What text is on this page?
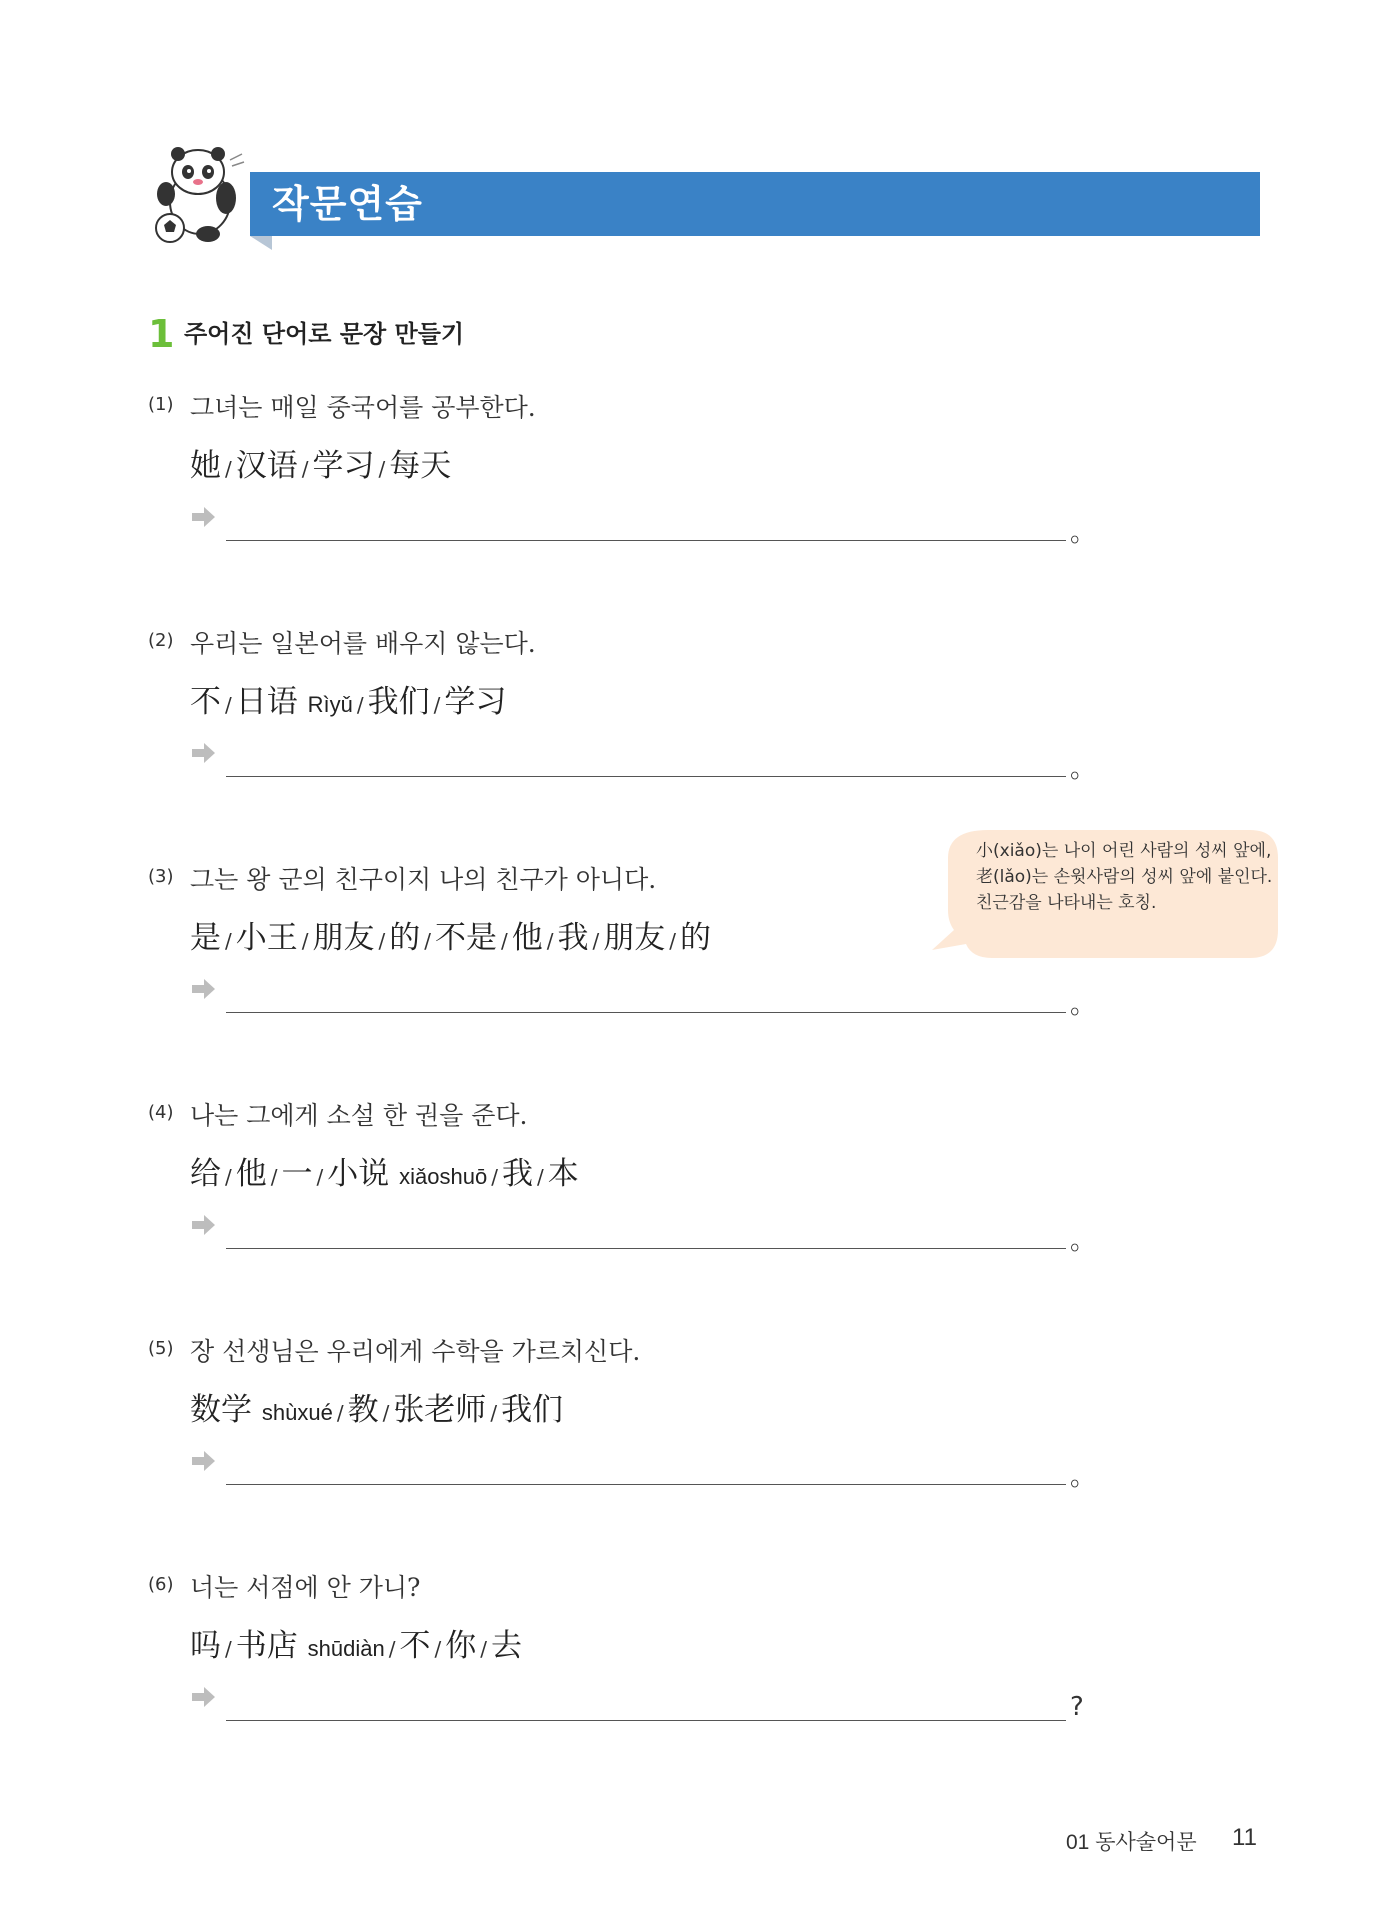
작문연습
1 주어진 단어로 문장 만들기
(1) 그녀는 매일 중국어를 공부한다.
她 / 汉语 / 学习 / 每天
。
(2) 우리는 일본어를 배우지 않는다.
不 / 日语 Rìyǔ / 我们 / 学习
。
(3) 그는 왕 군의 친구이지 나의 친구가 아니다.
是 / 小王 / 朋友 / 的 / 不是 / 他 / 我 / 朋友 / 的
。
(4) 나는 그에게 소설 한 권을 준다.
给 / 他 / 一 / 小说 xiǎoshuō / 我 / 本
。
(5) 장 선생님은 우리에게 수학을 가르치신다.
数学 shùxué / 教 / 张老师 / 我们
。
(6) 너는 서점에 안 가니?
吗 / 书店 shūdiàn / 不 / 你 / 去
?
小(xiǎo)는 나이 어린 사람의 성씨 앞에, 老(lǎo)는 손윗사람의 성씨 앞에 붙인다. 친근감을 나타내는 호칭.
01 동사술어문 11
